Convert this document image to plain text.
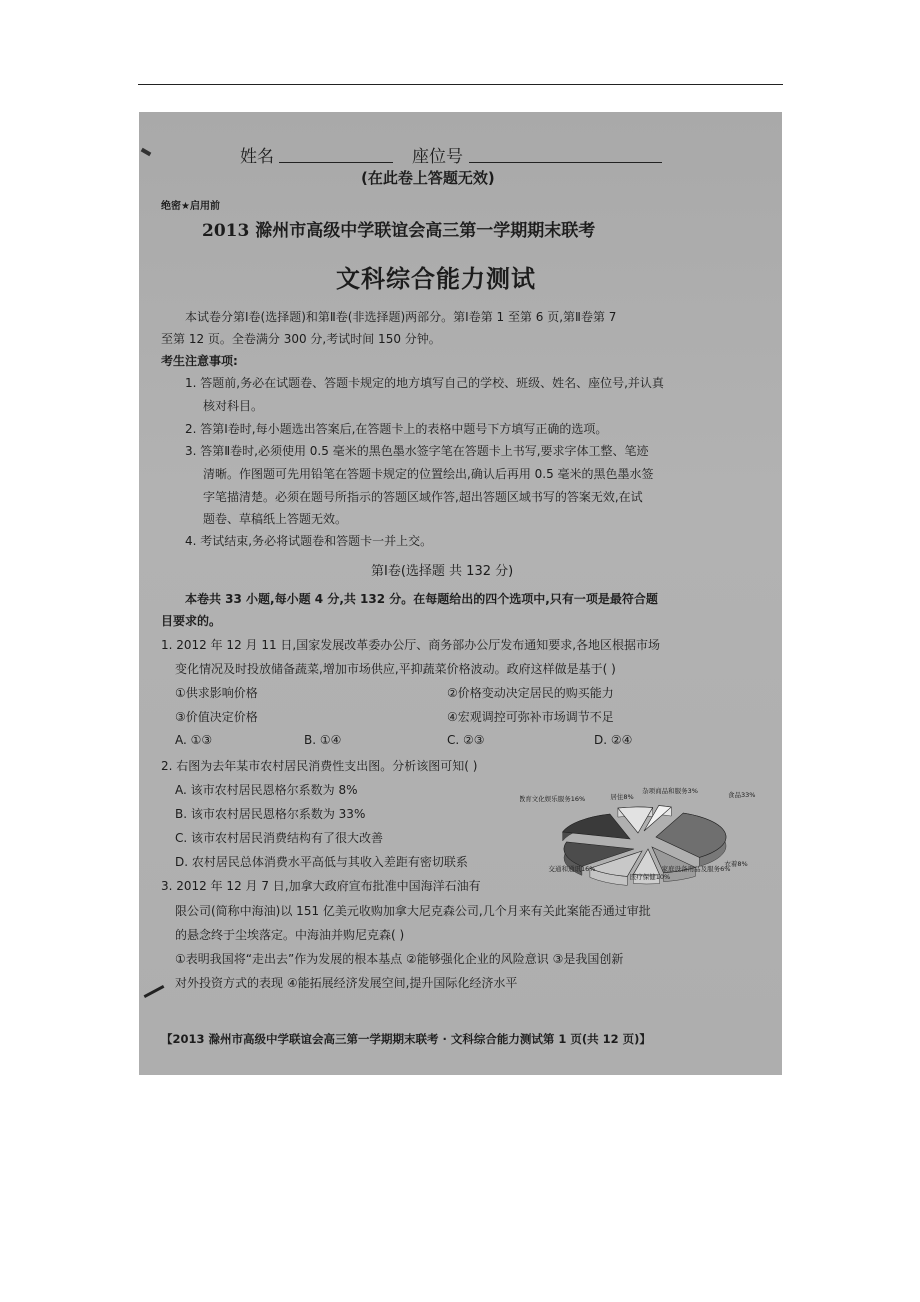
姓名	座位号
(在此卷上答题无效)
绝密★启用前
2013 滁州市高级中学联谊会高三第一学期期末联考
文科综合能力测试
本试卷分第Ⅰ卷(选择题)和第Ⅱ卷(非选择题)两部分。第Ⅰ卷第 1 至第 6 页,第Ⅱ卷第 7
至第 12 页。全卷满分 300 分,考试时间 150 分钟。
考生注意事项:
1. 答题前,务必在试题卷、答题卡规定的地方填写自己的学校、班级、姓名、座位号,并认真
核对科目。
2. 答第Ⅰ卷时,每小题选出答案后,在答题卡上的表格中题号下方填写正确的选项。
3. 答第Ⅱ卷时,必须使用 0.5 毫米的黑色墨水签字笔在答题卡上书写,要求字体工整、笔迹
清晰。作图题可先用铅笔在答题卡规定的位置绘出,确认后再用 0.5 毫米的黑色墨水签
字笔描清楚。必须在题号所指示的答题区域作答,超出答题区域书写的答案无效,在试
题卷、草稿纸上答题无效。
4. 考试结束,务必将试题卷和答题卡一并上交。
第Ⅰ卷(选择题 共 132 分)
本卷共 33 小题,每小题 4 分,共 132 分。在每题给出的四个选项中,只有一项是最符合题
目要求的。
1. 2012 年 12 月 11 日,国家发展改革委办公厅、商务部办公厅发布通知要求,各地区根据市场
变化情况及时投放储备蔬菜,增加市场供应,平抑蔬菜价格波动。政府这样做是基于( )
①供求影响价格	②价格变动决定居民的购买能力
③价值决定价格	④宏观调控可弥补市场调节不足
A. ①③	B. ①④	C. ②③	D. ②④
2. 右图为去年某市农村居民消费性支出图。分析该图可知( )
A. 该市农村居民恩格尔系数为 8%
B. 该市农村居民恩格尔系数为 33%
C. 该市农村居民消费结构有了很大改善
D. 农村居民总体消费水平高低与其收入差距有密切联系
食品33%
衣着8%
家庭设备用品及服务6%
医疗保健10%
交通和通讯16%
教育文化娱乐服务16%	居住8%
杂项商品和服务3%
3. 2012 年 12 月 7 日,加拿大政府宣布批准中国海洋石油有
限公司(简称中海油)以 151 亿美元收购加拿大尼克森公司,几个月来有关此案能否通过审批
的悬念终于尘埃落定。中海油并购尼克森( )
①表明我国将“走出去”作为发展的根本基点 ②能够强化企业的风险意识 ③是我国创新
对外投资方式的表现 ④能拓展经济发展空间,提升国际化经济水平
【2013 滁州市高级中学联谊会高三第一学期期末联考 · 文科综合能力测试第 1 页(共 12 页)】
